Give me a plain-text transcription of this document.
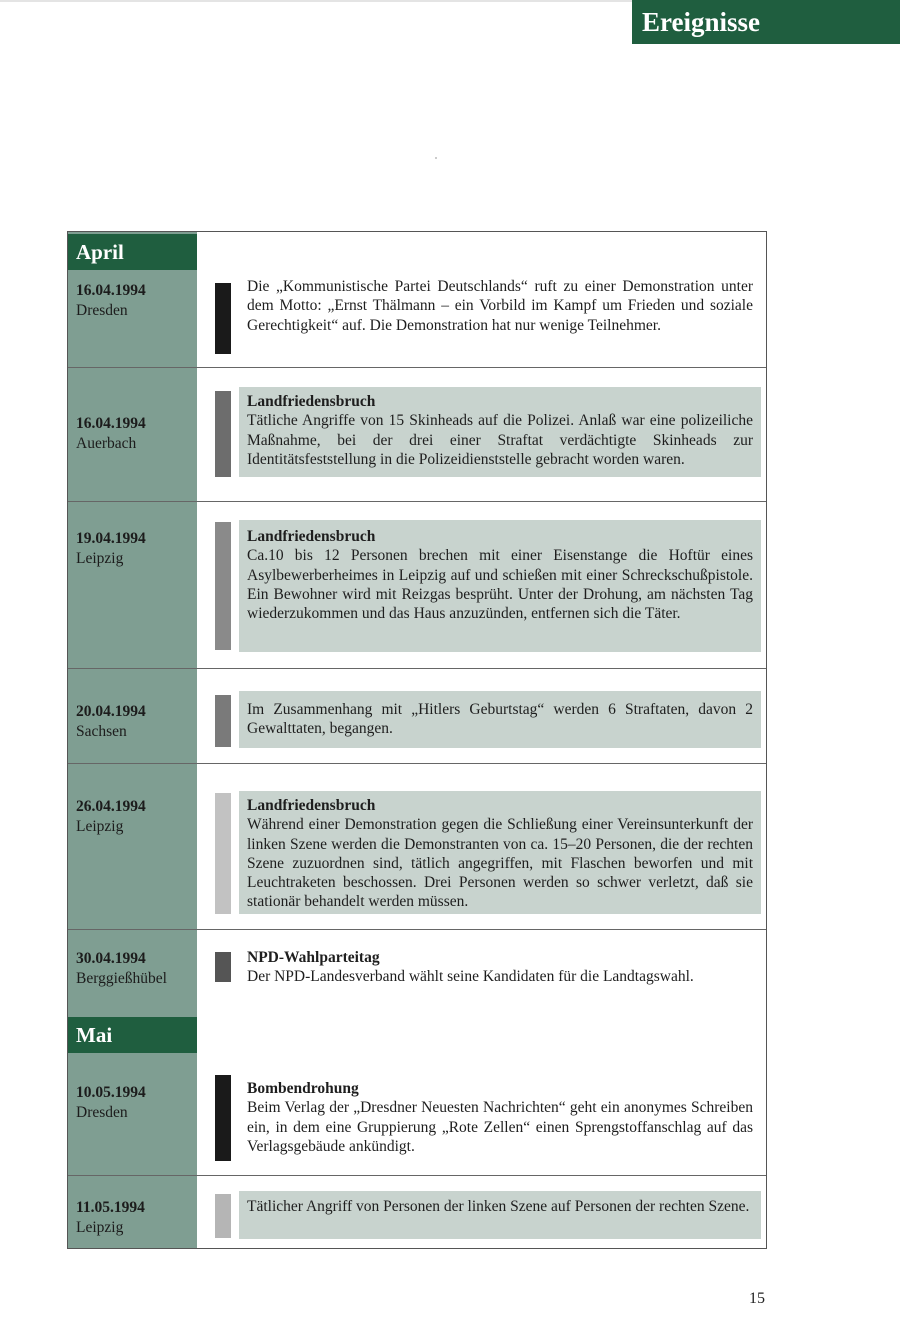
Ereignisse
April
16.04.1994
Dresden
Die „Kommunistische Partei Deutschlands“ ruft zu einer Demonstration unter dem Motto: „Ernst Thälmann – ein Vorbild im Kampf um Frieden und soziale Gerechtigkeit“ auf. Die Demonstration hat nur wenige Teilnehmer.
16.04.1994
Auerbach
Landfriedensbruch
Tätliche Angriffe von 15 Skinheads auf die Polizei. Anlaß war eine polizeiliche Maßnahme, bei der drei einer Straftat verdächtigte Skinheads zur Identitätsfeststellung in die Polizeidienststelle gebracht worden waren.
19.04.1994
Leipzig
Landfriedensbruch
Ca.10 bis 12 Personen brechen mit einer Eisenstange die Hoftür eines Asylbewerberheimes in Leipzig auf und schießen mit einer Schreckschußpistole. Ein Bewohner wird mit Reizgas besprüht. Unter der Drohung, am nächsten Tag wiederzukommen und das Haus anzuzünden, entfernen sich die Täter.
20.04.1994
Sachsen
Im Zusammenhang mit „Hitlers Geburtstag“ werden 6 Straftaten, davon 2 Gewalttaten, begangen.
26.04.1994
Leipzig
Landfriedensbruch
Während einer Demonstration gegen die Schließung einer Vereinsunterkunft der linken Szene werden die Demonstranten von ca. 15–20 Personen, die der rechten Szene zuzuordnen sind, tätlich angegriffen, mit Flaschen beworfen und mit Leuchtraketen beschossen. Drei Personen werden so schwer verletzt, daß sie stationär behandelt werden müssen.
30.04.1994
Berggießhübel
NPD-Wahlparteitag
Der NPD-Landesverband wählt seine Kandidaten für die Landtagswahl.
Mai
10.05.1994
Dresden
Bombendrohung
Beim Verlag der „Dresdner Neuesten Nachrichten“ geht ein anonymes Schreiben ein, in dem eine Gruppierung „Rote Zellen“ einen Sprengstoffanschlag auf das Verlagsgebäude ankündigt.
11.05.1994
Leipzig
Tätlicher Angriff von Personen der linken Szene auf Personen der rechten Szene.
15
